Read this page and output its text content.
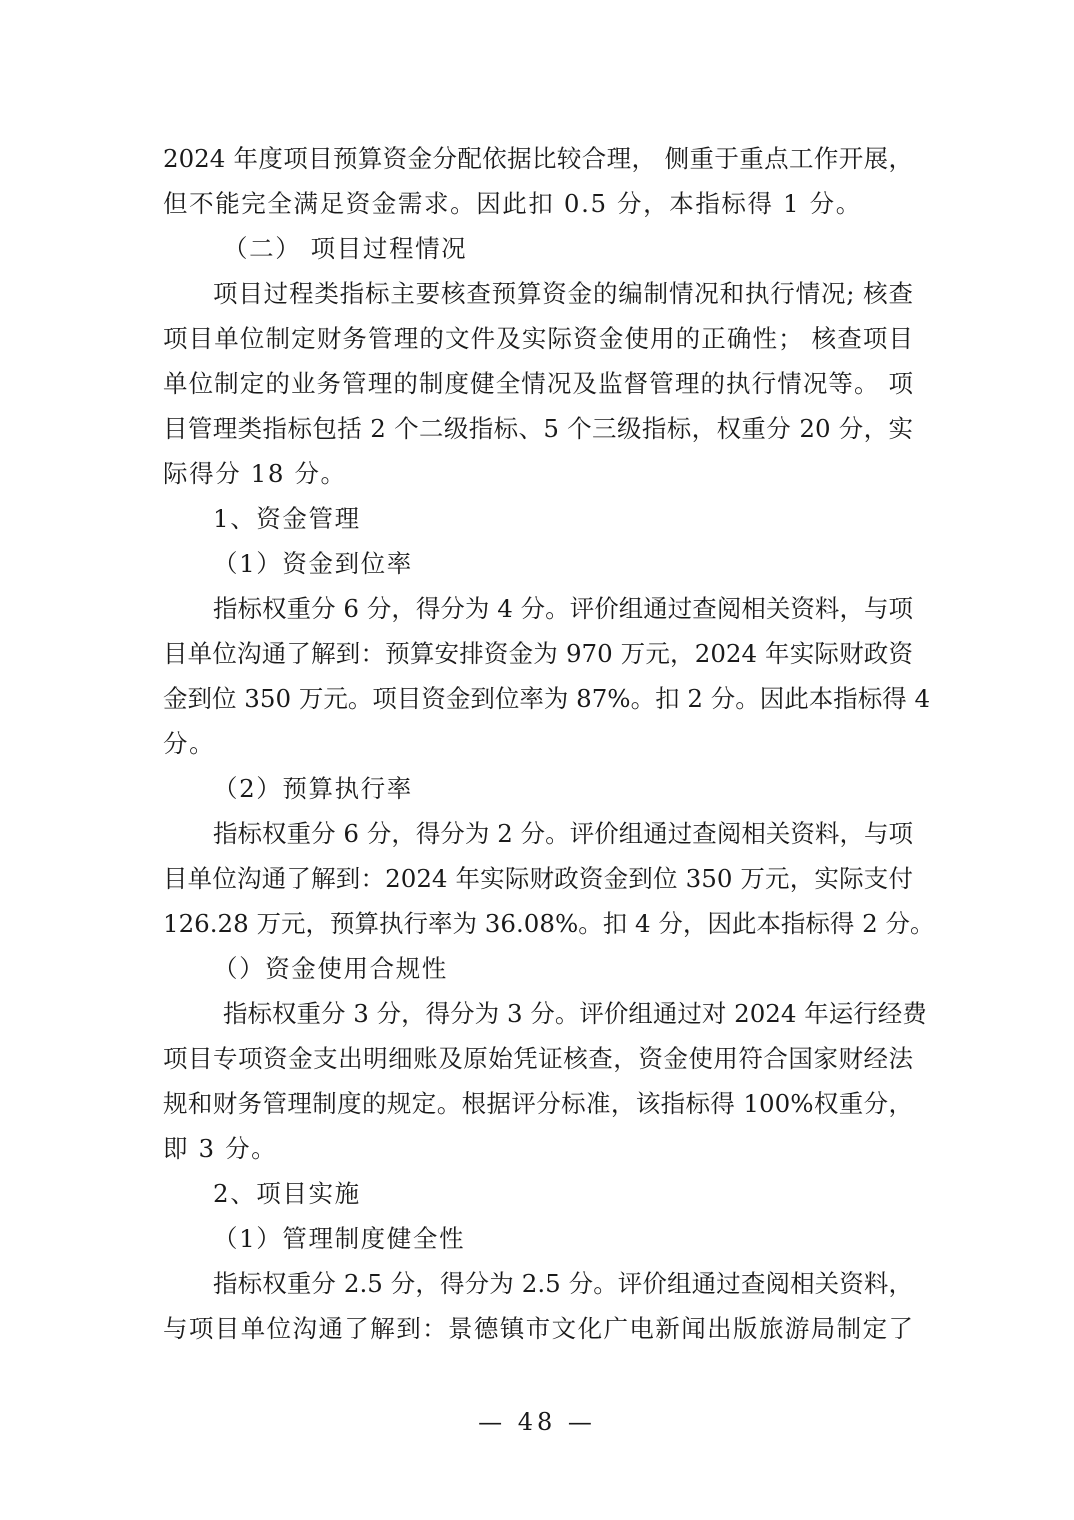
2024 年度项目预算资金分配依据比较合理， 侧重于重点工作开展，
但不能完全满足资金需求。因此扣 0.5 分，本指标得 1 分。
（二） 项目过程情况
项目过程类指标主要核查预算资金的编制情况和执行情况; 核查
项目单位制定财务管理的文件及实际资金使用的正确性； 核查项目
单位制定的业务管理的制度健全情况及监督管理的执行情况等。 项
目管理类指标包括 2 个二级指标、5 个三级指标，权重分 20 分，实
际得分 18 分。
1、资金管理
（1）资金到位率
指标权重分 6 分，得分为 4 分。评价组通过查阅相关资料，与项
目单位沟通了解到：预算安排资金为 970 万元，2024 年实际财政资
金到位 350 万元。项目资金到位率为 87%。扣 2 分。因此本指标得 4
分。
（2）预算执行率
指标权重分 6 分，得分为 2 分。评价组通过查阅相关资料，与项
目单位沟通了解到：2024 年实际财政资金到位 350 万元，实际支付
126.28 万元，预算执行率为 36.08%。扣 4 分，因此本指标得 2 分。
（）资金使用合规性
指标权重分 3 分，得分为 3 分。评价组通过对 2024 年运行经费
项目专项资金支出明细账及原始凭证核查，资金使用符合国家财经法
规和财务管理制度的规定。根据评分标准，该指标得 100%权重分，
即 3 分。
2、项目实施
（1）管理制度健全性
指标权重分 2.5 分，得分为 2.5 分。评价组通过查阅相关资料，
与项目单位沟通了解到：景德镇市文化广电新闻出版旅游局制定了
— 48 —
